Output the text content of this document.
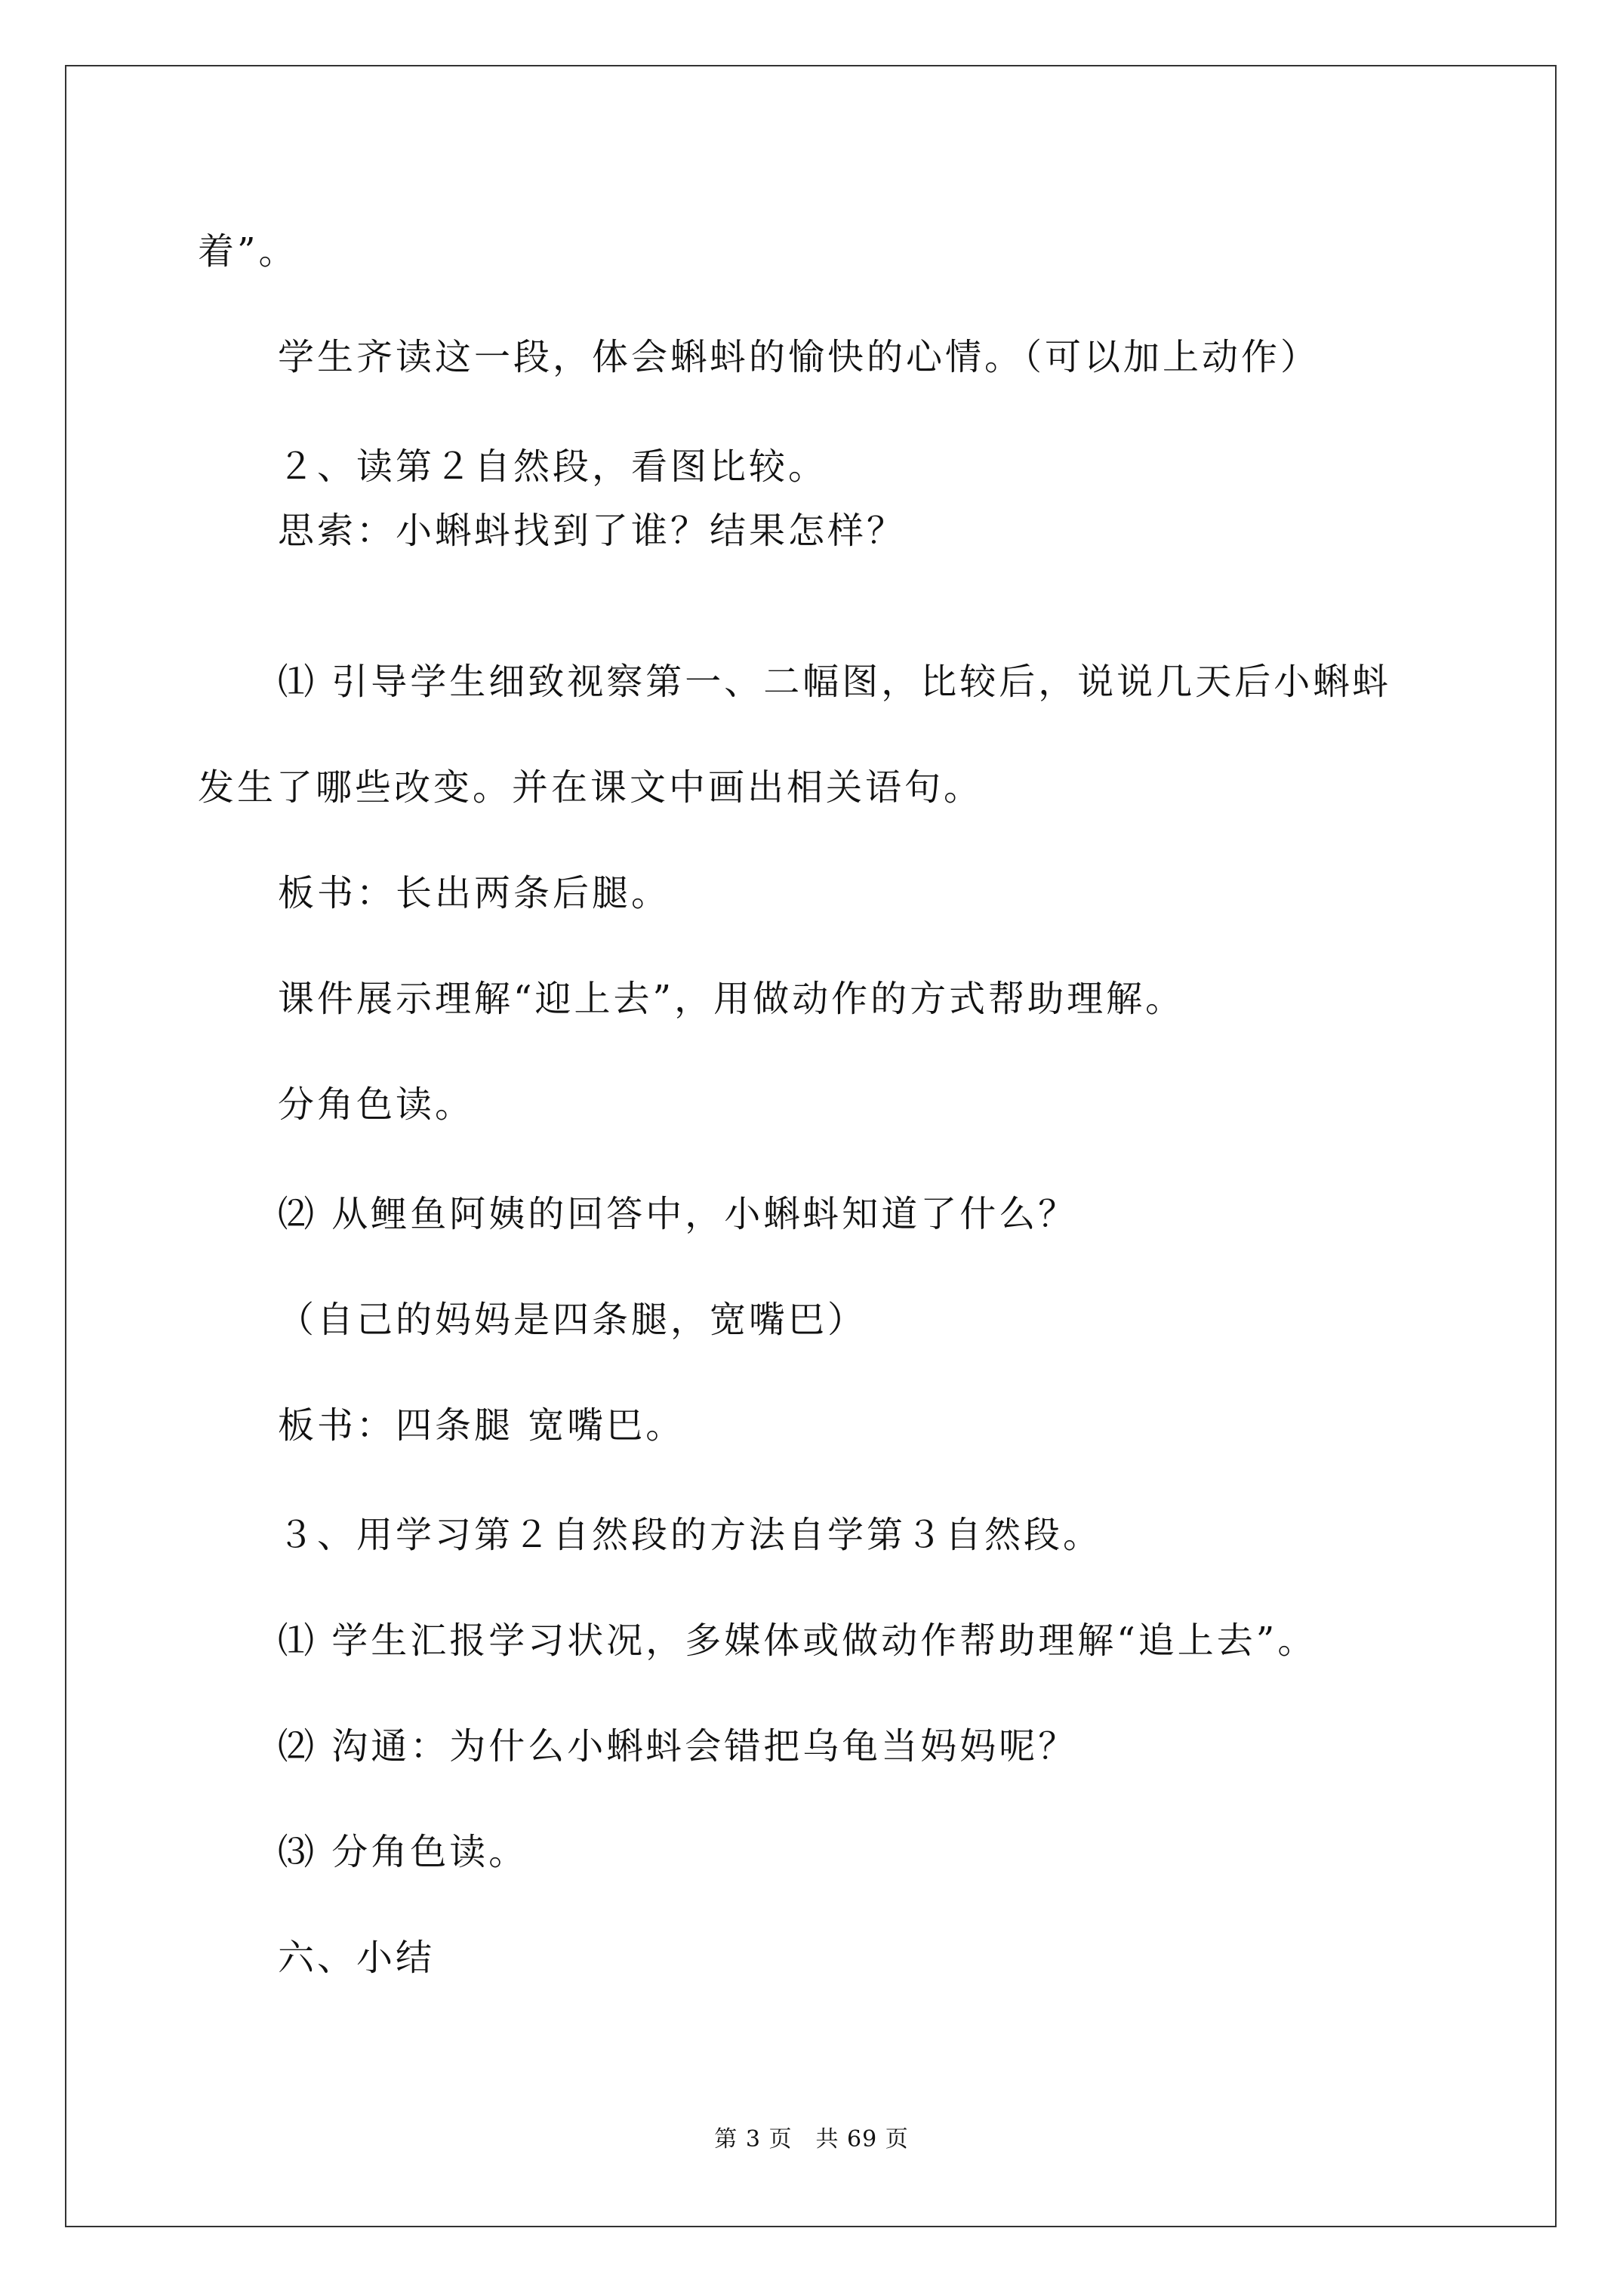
着”。

学生齐读这一段，体会蝌蚪的愉快的心情。（可以加上动作）

２、读第２自然段，看图比较。

思索：小蝌蚪找到了谁？结果怎样？

⑴ 引导学生细致视察第一、二幅图，比较后，说说几天后小蝌蚪

发生了哪些改变。并在课文中画出相关语句。

板书：长出两条后腿。

课件展示理解“迎上去”，用做动作的方式帮助理解。

分角色读。

⑵ 从鲤鱼阿姨的回答中，小蝌蚪知道了什么？

（自己的妈妈是四条腿，宽嘴巴）

板书：四条腿 宽嘴巴。

３、用学习第２自然段的方法自学第３自然段。

⑴ 学生汇报学习状况，多媒体或做动作帮助理解“追上去”。

⑵ 沟通：为什么小蝌蚪会错把乌龟当妈妈呢？

⑶ 分角色读。

六、小结

第 3 页　共 69 页
